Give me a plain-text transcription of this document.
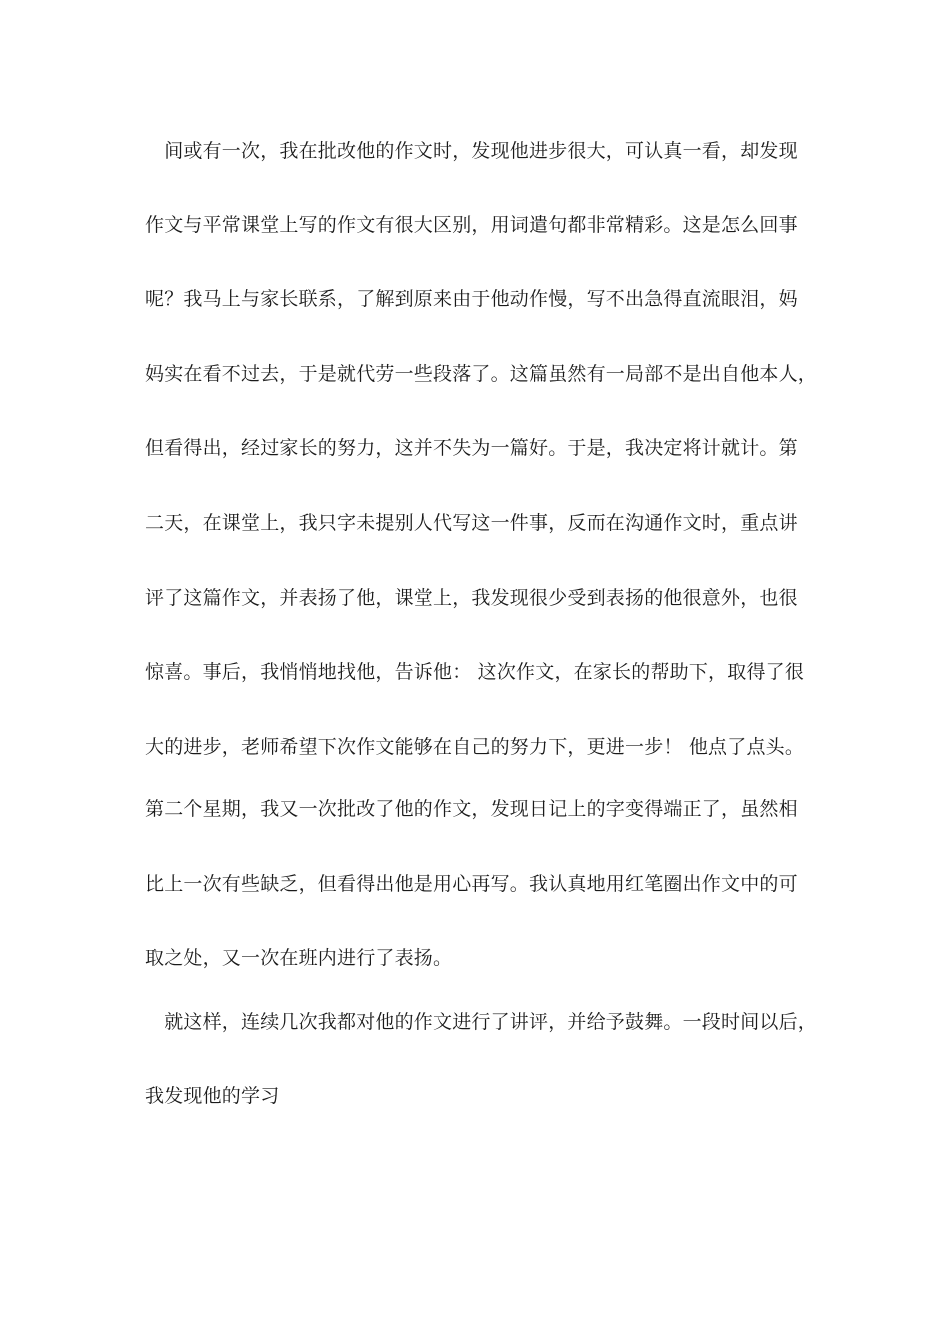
　间或有一次，我在批改他的作文时，发现他进步很大，可认真一看，却发现
作文与平常课堂上写的作文有很大区别，用词遣句都非常精彩。这是怎么回事
呢？我马上与家长联系，了解到原来由于他动作慢，写不出急得直流眼泪，妈
妈实在看不过去，于是就代劳一些段落了。这篇虽然有一局部不是出自他本人，
但看得出，经过家长的努力，这并不失为一篇好。于是，我决定将计就计。第
二天，在课堂上，我只字未提别人代写这一件事，反而在沟通作文时，重点讲
评了这篇作文，并表扬了他，课堂上，我发现很少受到表扬的他很意外，也很
惊喜。事后，我悄悄地找他，告诉他： 这次作文，在家长的帮助下，取得了很
大的进步，老师希望下次作文能够在自己的努力下，更进一步！ 他点了点头。
第二个星期，我又一次批改了他的作文，发现日记上的字变得端正了，虽然相
比上一次有些缺乏，但看得出他是用心再写。我认真地用红笔圈出作文中的可
取之处，又一次在班内进行了表扬。
　就这样，连续几次我都对他的作文进行了讲评，并给予鼓舞。一段时间以后，
我发现他的学习
